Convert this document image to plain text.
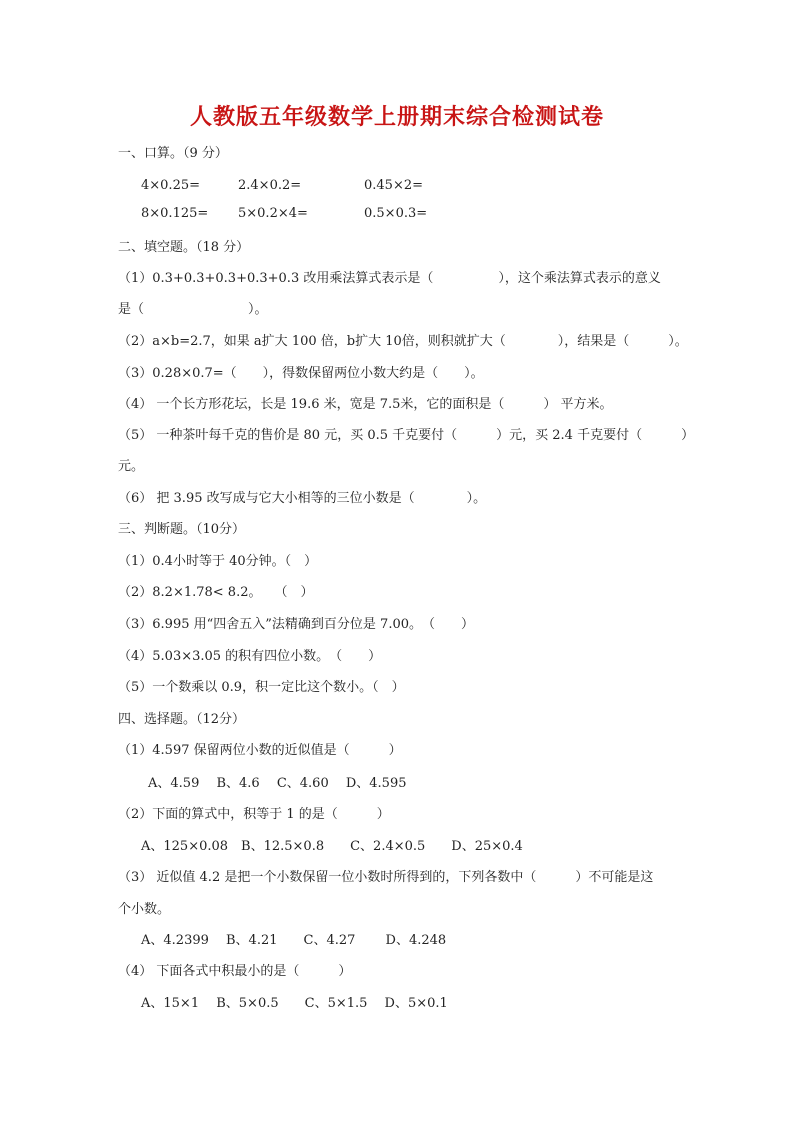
人教版五年级数学上册期末综合检测试卷
一、口算。（9 分）
4×0.25=	2.4×0.2=	0.45×2=
8×0.125= 5×0.2×4=	0.5×0.3=
二、填空题。（18 分）
（1）0.3+0.3+0.3+0.3+0.3 改用乘法算式表示是（　　　　　），这个乘法算式表示的意义
是（　　　　　　　　）。
（2）a×b=2.7，如果 a扩大 100 倍，b扩大 10倍，则积就扩大（　　　　），结果是（　　　）。
（3）0.28×0.7=（　　），得数保留两位小数大约是（　　）。
（4） 一个长方形花坛，长是 19.6 米，宽是 7.5米，它的面积是（　　　） 平方米。
（5） 一种茶叶每千克的售价是 80 元，买 0.5 千克要付（　　　）元，买 2.4 千克要付（　　　）
元。
（6） 把 3.95 改写成与它大小相等的三位小数是（　　　　）。
三、判断题。（10分）
（1）0.4小时等于 40分钟。（　）
（2）8.2×1.78< 8.2。　　（　）
（3）6.995 用“四舍五入”法精确到百分位是 7.00。　（　　）
（4）5.03×3.05 的积有四位小数。　（　　）
（5）一个数乘以 0.9，积一定比这个数小。（　）
四、选择题。（12分）
（1）4.597 保留两位小数的近似值是（　　　）
A、4.59　 B、4.6　 C、4.60　 D、4.595
（2）下面的算式中，积等于 1 的是（　　　）
A、125×0.08　B、12.5×0.8　　C、2.4×0.5　　D、25×0.4
（3） 近似值 4.2 是把一个小数保留一位小数时所得到的，下列各数中（　　　）不可能是这
个小数。
A、4.2399　 B、4.21　　C、4.27　　 D、4.248
（4） 下面各式中积最小的是（　　　）
A、15×1　 B、5×0.5　　C、5×1.5　 D、5×0.1
